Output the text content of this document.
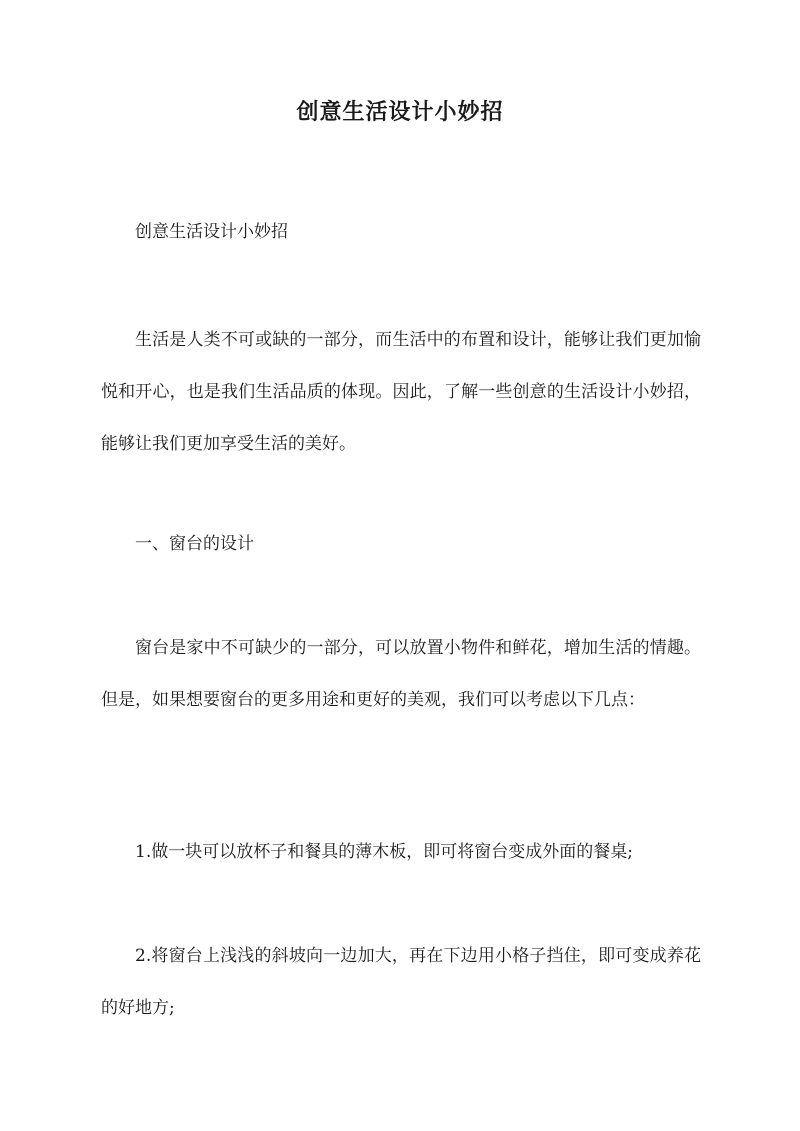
创意生活设计小妙招

创意生活设计小妙招

生活是人类不可或缺的一部分，而生活中的布置和设计，能够让我们更加愉悦和开心，也是我们生活品质的体现。因此，了解一些创意的生活设计小妙招，能够让我们更加享受生活的美好。

一、窗台的设计

窗台是家中不可缺少的一部分，可以放置小物件和鲜花，增加生活的情趣。但是，如果想要窗台的更多用途和更好的美观，我们可以考虑以下几点：

1.做一块可以放杯子和餐具的薄木板，即可将窗台变成外面的餐桌;

2.将窗台上浅浅的斜坡向一边加大，再在下边用小格子挡住，即可变成养花的好地方;
